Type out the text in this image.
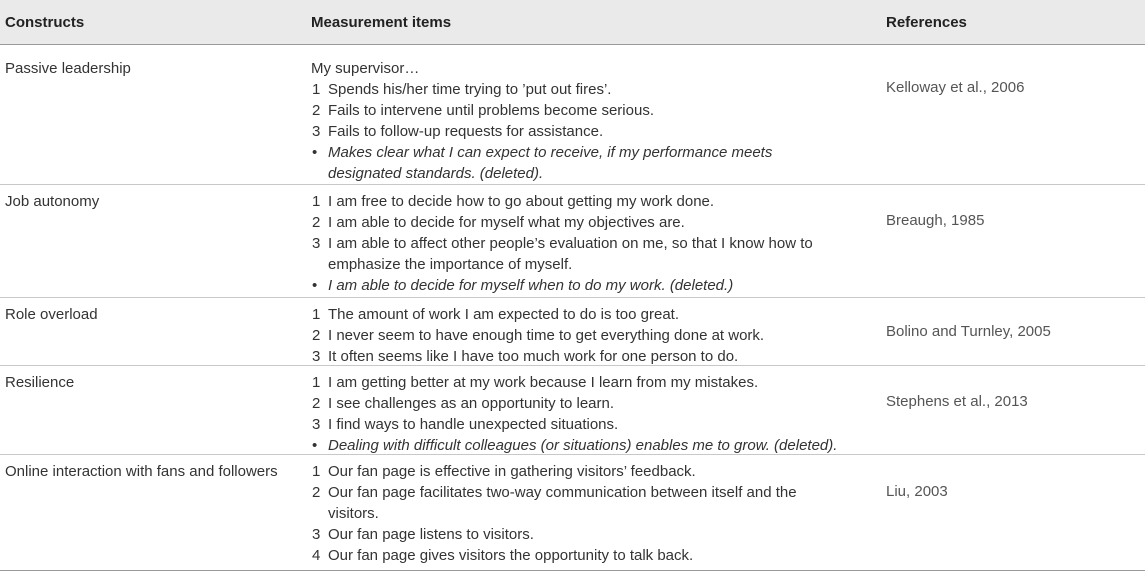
Constructs	Measurement items	References
Passive leadership
Kelloway et al., 2006
My supervisor…
1 Spends his/her time trying to ’put out fires’.
2 Fails to intervene until problems become serious.
3 Fails to follow-up requests for assistance.
• Makes clear what I can expect to receive, if my performance meets
designated standards. (deleted).
Job autonomy
Breaugh, 1985
1 I am free to decide how to go about getting my work done.
2 I am able to decide for myself what my objectives are.
3 I am able to affect other people’s evaluation on me, so that I know how to
emphasize the importance of myself.
• I am able to decide for myself when to do my work. (deleted.)
Role overload
Bolino and Turnley, 2005
1 The amount of work I am expected to do is too great.
2 I never seem to have enough time to get everything done at work.
3 It often seems like I have too much work for one person to do.
Resilience
Stephens et al., 2013
1 I am getting better at my work because I learn from my mistakes.
2 I see challenges as an opportunity to learn.
3 I find ways to handle unexpected situations.
• Dealing with difficult colleagues (or situations) enables me to grow. (deleted).
Online interaction with fans and followers
Liu, 2003
1 Our fan page is effective in gathering visitors’ feedback.
2 Our fan page facilitates two-way communication between itself and the
visitors.
3 Our fan page listens to visitors.
4 Our fan page gives visitors the opportunity to talk back.
